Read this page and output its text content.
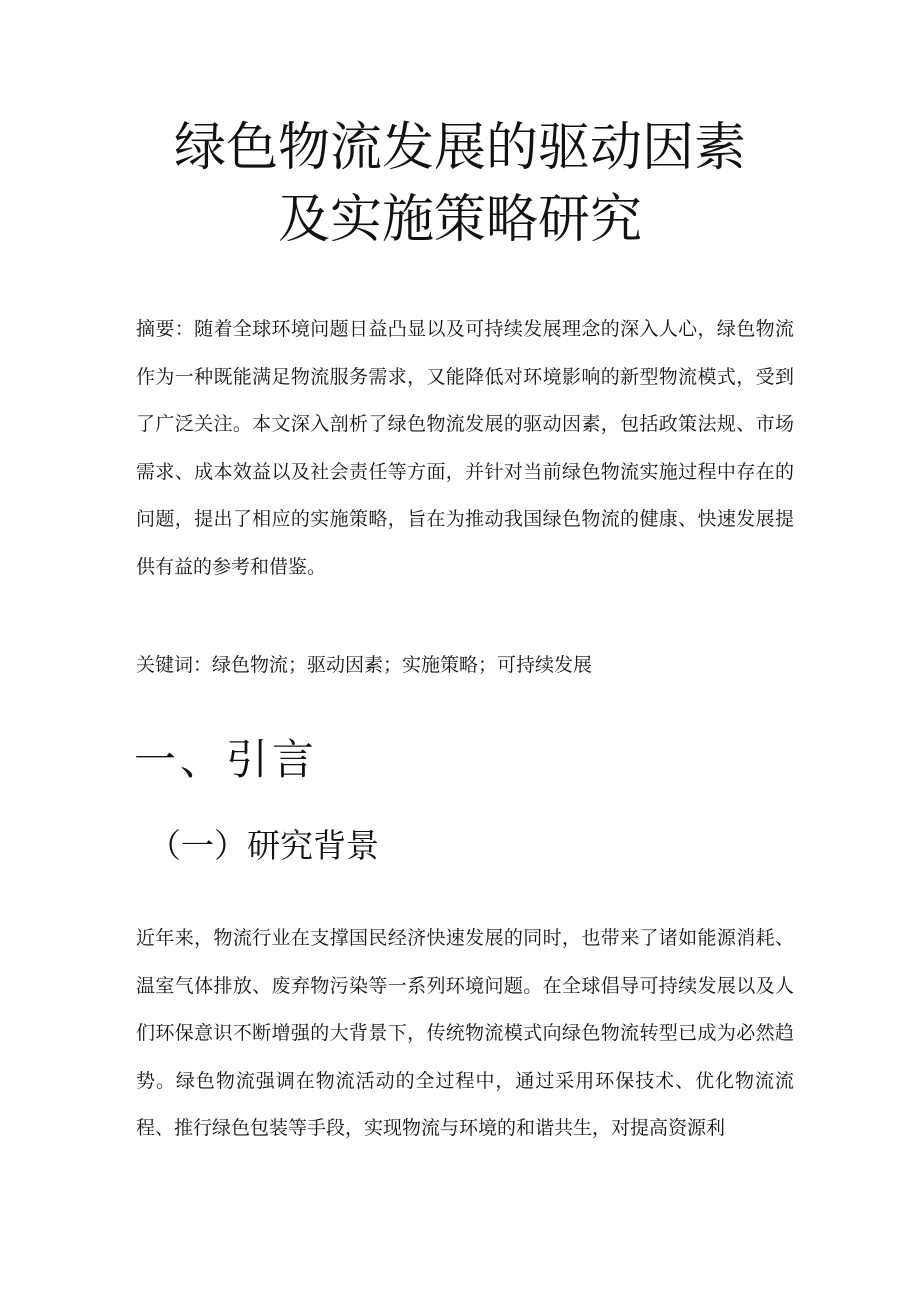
绿色物流发展的驱动因素
及实施策略研究
摘要：随着全球环境问题日益凸显以及可持续发展理念的深入人心，绿色物流作为一种既能满足物流服务需求，又能降低对环境影响的新型物流模式，受到了广泛关注。本文深入剖析了绿色物流发展的驱动因素，包括政策法规、市场需求、成本效益以及社会责任等方面，并针对当前绿色物流实施过程中存在的问题，提出了相应的实施策略，旨在为推动我国绿色物流的健康、快速发展提供有益的参考和借鉴。
关键词：绿色物流；驱动因素；实施策略；可持续发展
一、引言
（一）研究背景
近年来，物流行业在支撑国民经济快速发展的同时，也带来了诸如能源消耗、温室气体排放、废弃物污染等一系列环境问题。在全球倡导可持续发展以及人们环保意识不断增强的大背景下，传统物流模式向绿色物流转型已成为必然趋势。绿色物流强调在物流活动的全过程中，通过采用环保技术、优化物流流程、推行绿色包装等手段，实现物流与环境的和谐共生，对提高资源利
